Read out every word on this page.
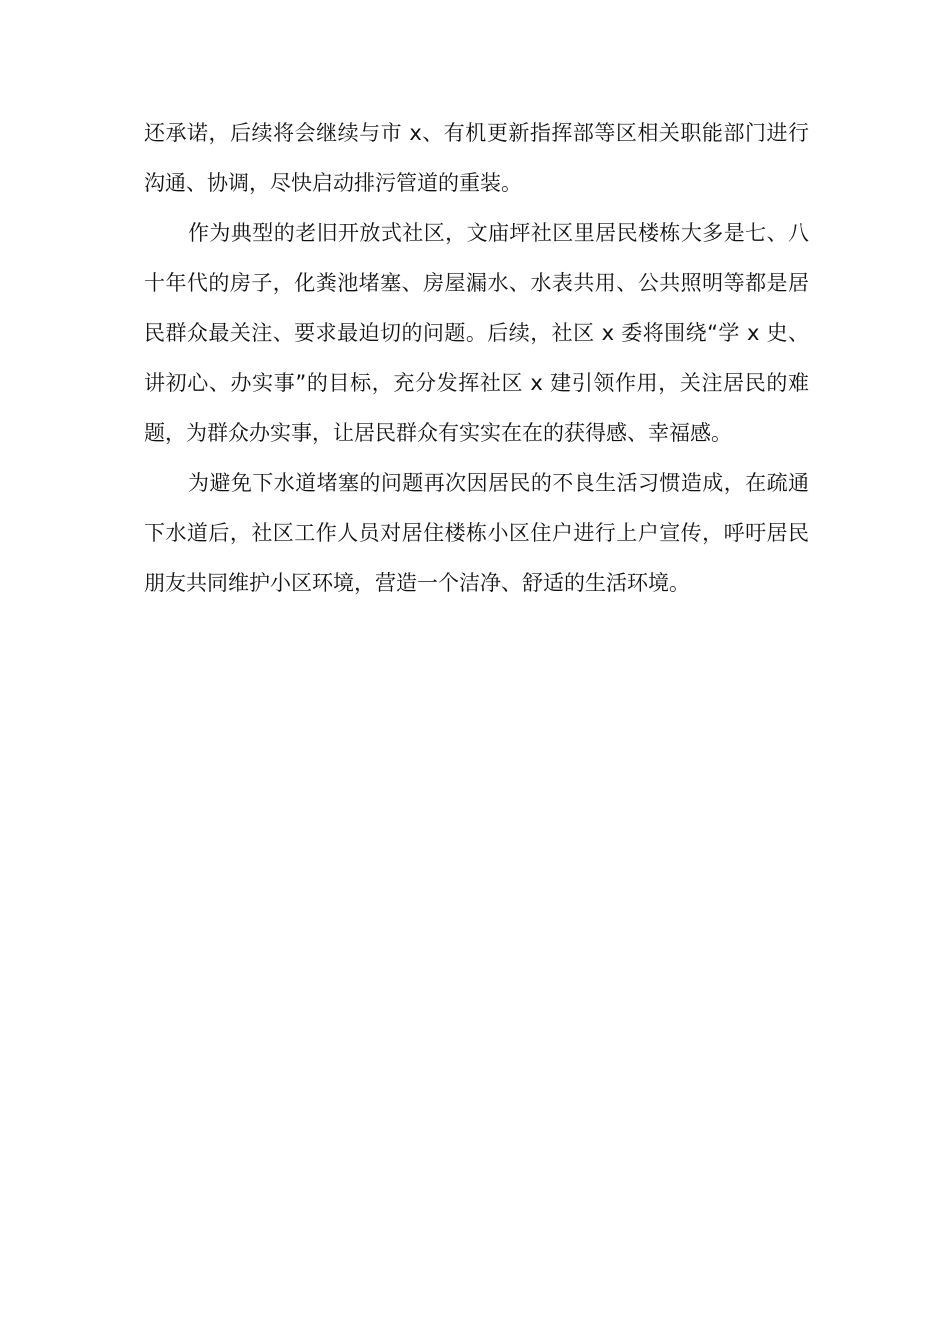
还承诺，后续将会继续与市 x、有机更新指挥部等区相关职能部门进行沟通、协调，尽快启动排污管道的重装。

作为典型的老旧开放式社区，文庙坪社区里居民楼栋大多是七、八十年代的房子，化粪池堵塞、房屋漏水、水表共用、公共照明等都是居民群众最关注、要求最迫切的问题。后续，社区 x 委将围绕“学 x 史、讲初心、办实事”的目标，充分发挥社区 x 建引领作用，关注居民的难题，为群众办实事，让居民群众有实实在在的获得感、幸福感。

为避免下水道堵塞的问题再次因居民的不良生活习惯造成，在疏通下水道后，社区工作人员对居住楼栋小区住户进行上户宣传，呼吁居民朋友共同维护小区环境，营造一个洁净、舒适的生活环境。
